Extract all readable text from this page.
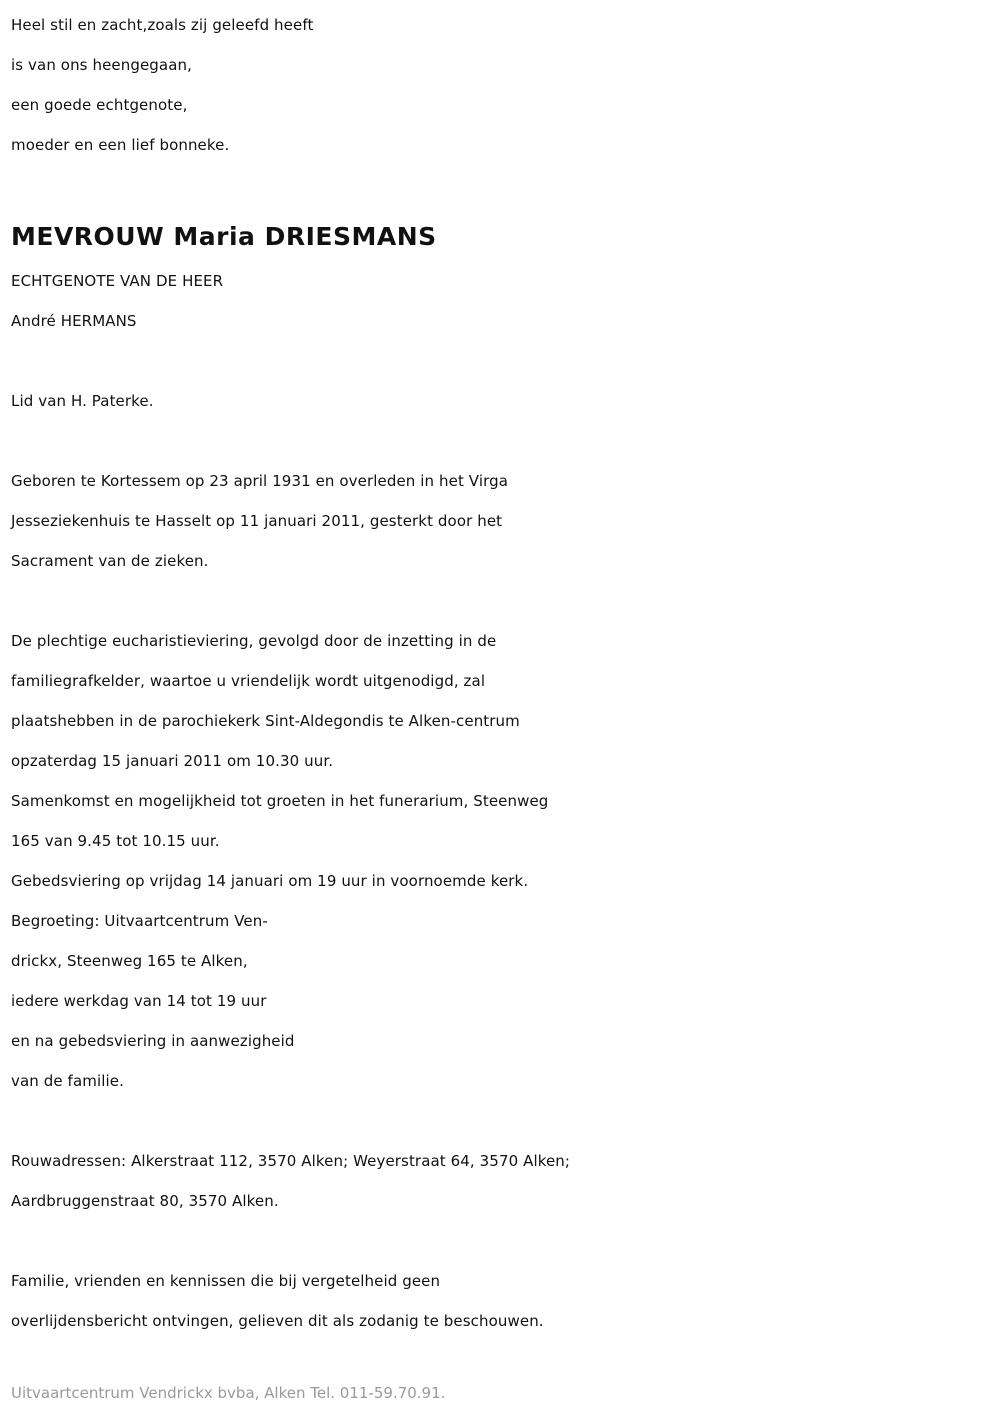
Heel stil en zacht,zoals zij geleefd heeft
is van ons heengegaan,
een goede echtgenote,
moeder en een lief bonneke.
MEVROUW Maria DRIESMANS
ECHTGENOTE VAN DE HEER
André HERMANS
Lid van H. Paterke.
Geboren te Kortessem op 23 april 1931 en overleden in het Virga
Jesseziekenhuis te Hasselt op 11 januari 2011, gesterkt door het
Sacrament van de zieken.
De plechtige eucharistieviering, gevolgd door de inzetting in de
familiegrafkelder, waartoe u vriendelijk wordt uitgenodigd, zal
plaatshebben in de parochiekerk Sint-Aldegondis te Alken-centrum
opzaterdag 15 januari 2011 om 10.30 uur.
Samenkomst en mogelijkheid tot groeten in het funerarium, Steenweg
165 van 9.45 tot 10.15 uur.
Gebedsviering op vrijdag 14 januari om 19 uur in voornoemde kerk.
Begroeting: Uitvaartcentrum Ven-
drickx, Steenweg 165 te Alken,
iedere werkdag van 14 tot 19 uur
en na gebedsviering in aanwezigheid
van de familie.
Rouwadressen: Alkerstraat 112, 3570 Alken; Weyerstraat 64, 3570 Alken;
Aardbruggenstraat 80, 3570 Alken.
Familie, vrienden en kennissen die bij vergetelheid geen
overlijdensbericht ontvingen, gelieven dit als zodanig te beschouwen.
Uitvaartcentrum Vendrickx bvba, Alken Tel. 011-59.70.91.
